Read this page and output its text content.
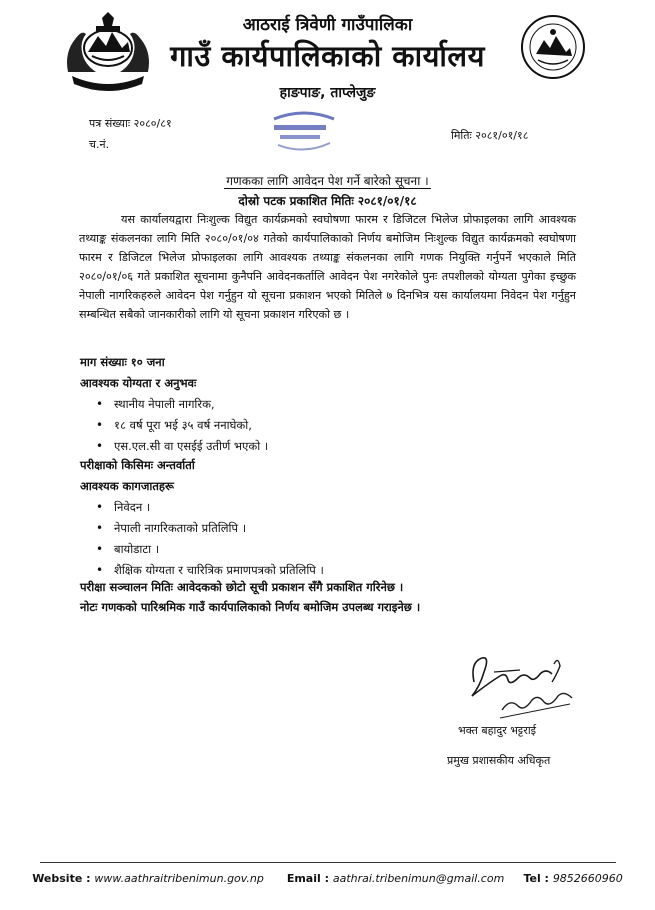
आठराई त्रिवेणी गाउँपालिका
गाउँ कार्यपालिकाको कार्यालय
हाङपाङ, ताप्लेजुङ
पत्र संख्याः २०८०/८१
च.नं.
मितिः २०८१/०१/१८
गणकका लागि आवेदन पेश गर्ने बारेको सूचना ।
दोस्रो पटक प्रकाशित मितिः २०८१/०१/१८
यस कार्यालयद्वारा निःशुल्क विद्युत कार्यक्रमको स्वघोषणा फारम र डिजिटल भिलेज प्रोफाइलका लागि आवश्यक तथ्याङ्क संकलनका लागि मिति २०८०/०१/०४ गतेको कार्यपालिकाको निर्णय बमोजिम निःशुल्क विद्युत कार्यक्रमको स्वघोषणा फारम र डिजिटल भिलेज प्रोफाइलका लागि आवश्यक तथ्याङ्क संकलनका लागि गणक नियुक्ति गर्नुपर्ने भएकाले मिति २०८०/०१/०६ गते प्रकाशित सूचनामा कुनैपनि आवेदनकर्तालि आवेदन पेश नगरेकोले पुनः तपशीलको योग्यता पुगेका इच्छुक नेपाली नागरिकहरुले आवेदन पेश गर्नुहुन यो सूचना प्रकाशन भएको मितिले ७ दिनभित्र यस कार्यालयमा निवेदन पेश गर्नुहुन सम्बन्धित सबैको जानकारीको लागि यो सूचना प्रकाशन गरिएको छ ।
माग संख्याः १० जना
आवश्यक योग्यता र अनुभवः
• स्थानीय नेपाली नागरिक,
• १८ वर्ष पूरा भई ३५ वर्ष ननाघेको,
• एस.एल.सी वा एसईई उतीर्ण भएको ।
परीक्षाको किसिमः अन्तर्वार्ता
आवश्यक कागजातहरू
• निवेदन ।
• नेपाली नागरिकताको प्रतिलिपि ।
• बायोडाटा ।
• शैक्षिक योग्यता र चारित्रिक प्रमाणपत्रको प्रतिलिपि ।
परीक्षा सञ्चालन मितिः आवेदकको छोटो सूची प्रकाशन सँगै प्रकाशित गरिनेछ ।
नोटः गणकको पारिश्रमिक गाउँ कार्यपालिकाको निर्णय बमोजिम उपलब्ध गराइनेछ ।
भक्त बहादुर भट्टराई
प्रमुख प्रशासकीय अधिकृत
Website : www.aathraitribenimun.gov.np Email : aathrai.tribenimun@gmail.com Tel : 9852660960
